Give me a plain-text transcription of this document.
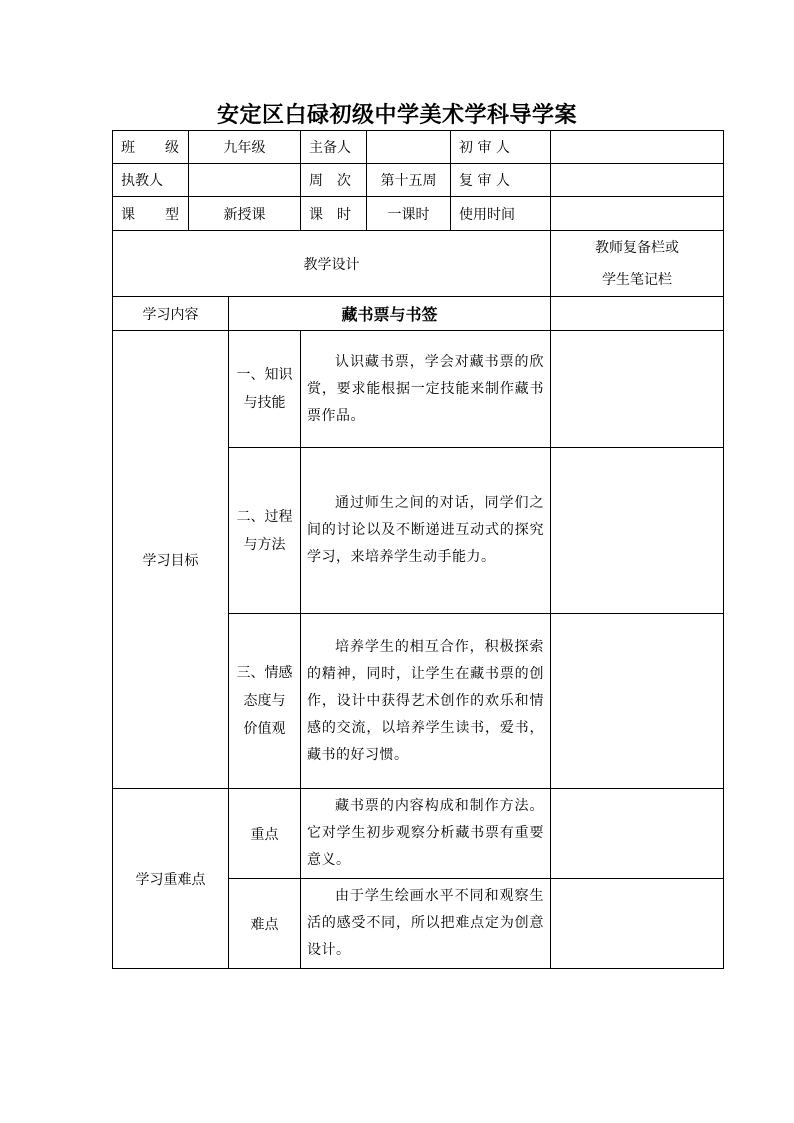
安定区白碌初级中学美术学科导学案
班　级	九年级		主备人		初 审 人	
执教人			周　次	第十五周	复 审 人	
课　型	新授课		课　时	一课时	使用时间	
教学设计						教师复备栏或
学生笔记栏

学习内容		藏书票与书签				
学习目标		一、知识
与技能	认识藏书票，学会对藏书票的欣赏，要求能根据一定技能来制作藏书票作品。			

		二、过程
与方法	通过师生之间的对话，同学们之间的讨论以及不断递进互动式的探究学习，来培养学生动手能力。			

		三、情感
态度与
价值观	培养学生的相互合作，积极探索的精神，同时，让学生在藏书票的创作，设计中获得艺术创作的欢乐和情感的交流，以培养学生读书，爱书，藏书的好习惯。			
学习重难点		重点	藏书票的内容构成和制作方法。它对学生初步观察分析藏书票有重要意义。			
		难点	由于学生绘画水平不同和观察生活的感受不同，所以把难点定为创意设计。			
